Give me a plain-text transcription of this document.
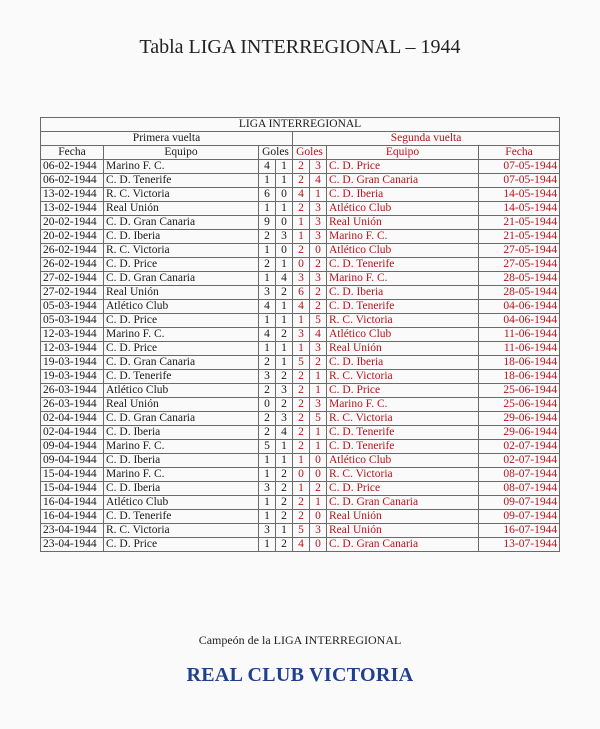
Tabla LIGA INTERREGIONAL – 1944
LIGA INTERREGIONAL							
Primera vuelta				Segunda vuelta			
Fecha	Equipo	Goles		Goles		Equipo	Fecha
06-02-1944	Marino F. C.	4	1	2	3	C. D. Price	07-05-1944
06-02-1944	C. D. Tenerife	1	1	2	4	C. D. Gran Canaria	07-05-1944
13-02-1944	R. C. Victoria	6	0	4	1	C. D. Iberia	14-05-1944
13-02-1944	Real Unión	1	1	2	3	Atlético Club	14-05-1944
20-02-1944	C. D. Gran Canaria	9	0	1	3	Real Unión	21-05-1944
20-02-1944	C. D. Iberia	2	3	1	3	Marino F. C.	21-05-1944
26-02-1944	R. C. Victoria	1	0	2	0	Atlético Club	27-05-1944
26-02-1944	C. D. Price	2	1	0	2	C. D. Tenerife	27-05-1944
27-02-1944	C. D. Gran Canaria	1	4	3	3	Marino F. C.	28-05-1944
27-02-1944	Real Unión	3	2	6	2	C. D. Iberia	28-05-1944
05-03-1944	Atlético Club	4	1	4	2	C. D. Tenerife	04-06-1944
05-03-1944	C. D. Price	1	1	1	5	R. C. Victoria	04-06-1944
12-03-1944	Marino F. C.	4	2	3	4	Atlético Club	11-06-1944
12-03-1944	C. D. Price	1	1	1	3	Real Unión	11-06-1944
19-03-1944	C. D. Gran Canaria	2	1	5	2	C. D. Iberia	18-06-1944
19-03-1944	C. D. Tenerife	3	2	2	1	R. C. Victoria	18-06-1944
26-03-1944	Atlético Club	2	3	2	1	C. D. Price	25-06-1944
26-03-1944	Real Unión	0	2	2	3	Marino F. C.	25-06-1944
02-04-1944	C. D. Gran Canaria	2	3	2	5	R. C. Victoria	29-06-1944
02-04-1944	C. D. Iberia	2	4	2	1	C. D. Tenerife	29-06-1944
09-04-1944	Marino F. C.	5	1	2	1	C. D. Tenerife	02-07-1944
09-04-1944	C. D. Iberia	1	1	1	0	Atlético Club	02-07-1944
15-04-1944	Marino F. C.	1	2	0	0	R. C. Victoria	08-07-1944
15-04-1944	C. D. Iberia	3	2	1	2	C. D. Price	08-07-1944
16-04-1944	Atlético Club	1	2	2	1	C. D. Gran Canaria	09-07-1944
16-04-1944	C. D. Tenerife	1	2	2	0	Real Unión	09-07-1944
23-04-1944	R. C. Victoria	3	1	5	3	Real Unión	16-07-1944
23-04-1944	C. D. Price	1	2	4	0	C. D. Gran Canaria	13-07-1944
Campeón de la LIGA INTERREGIONAL
REAL CLUB VICTORIA
